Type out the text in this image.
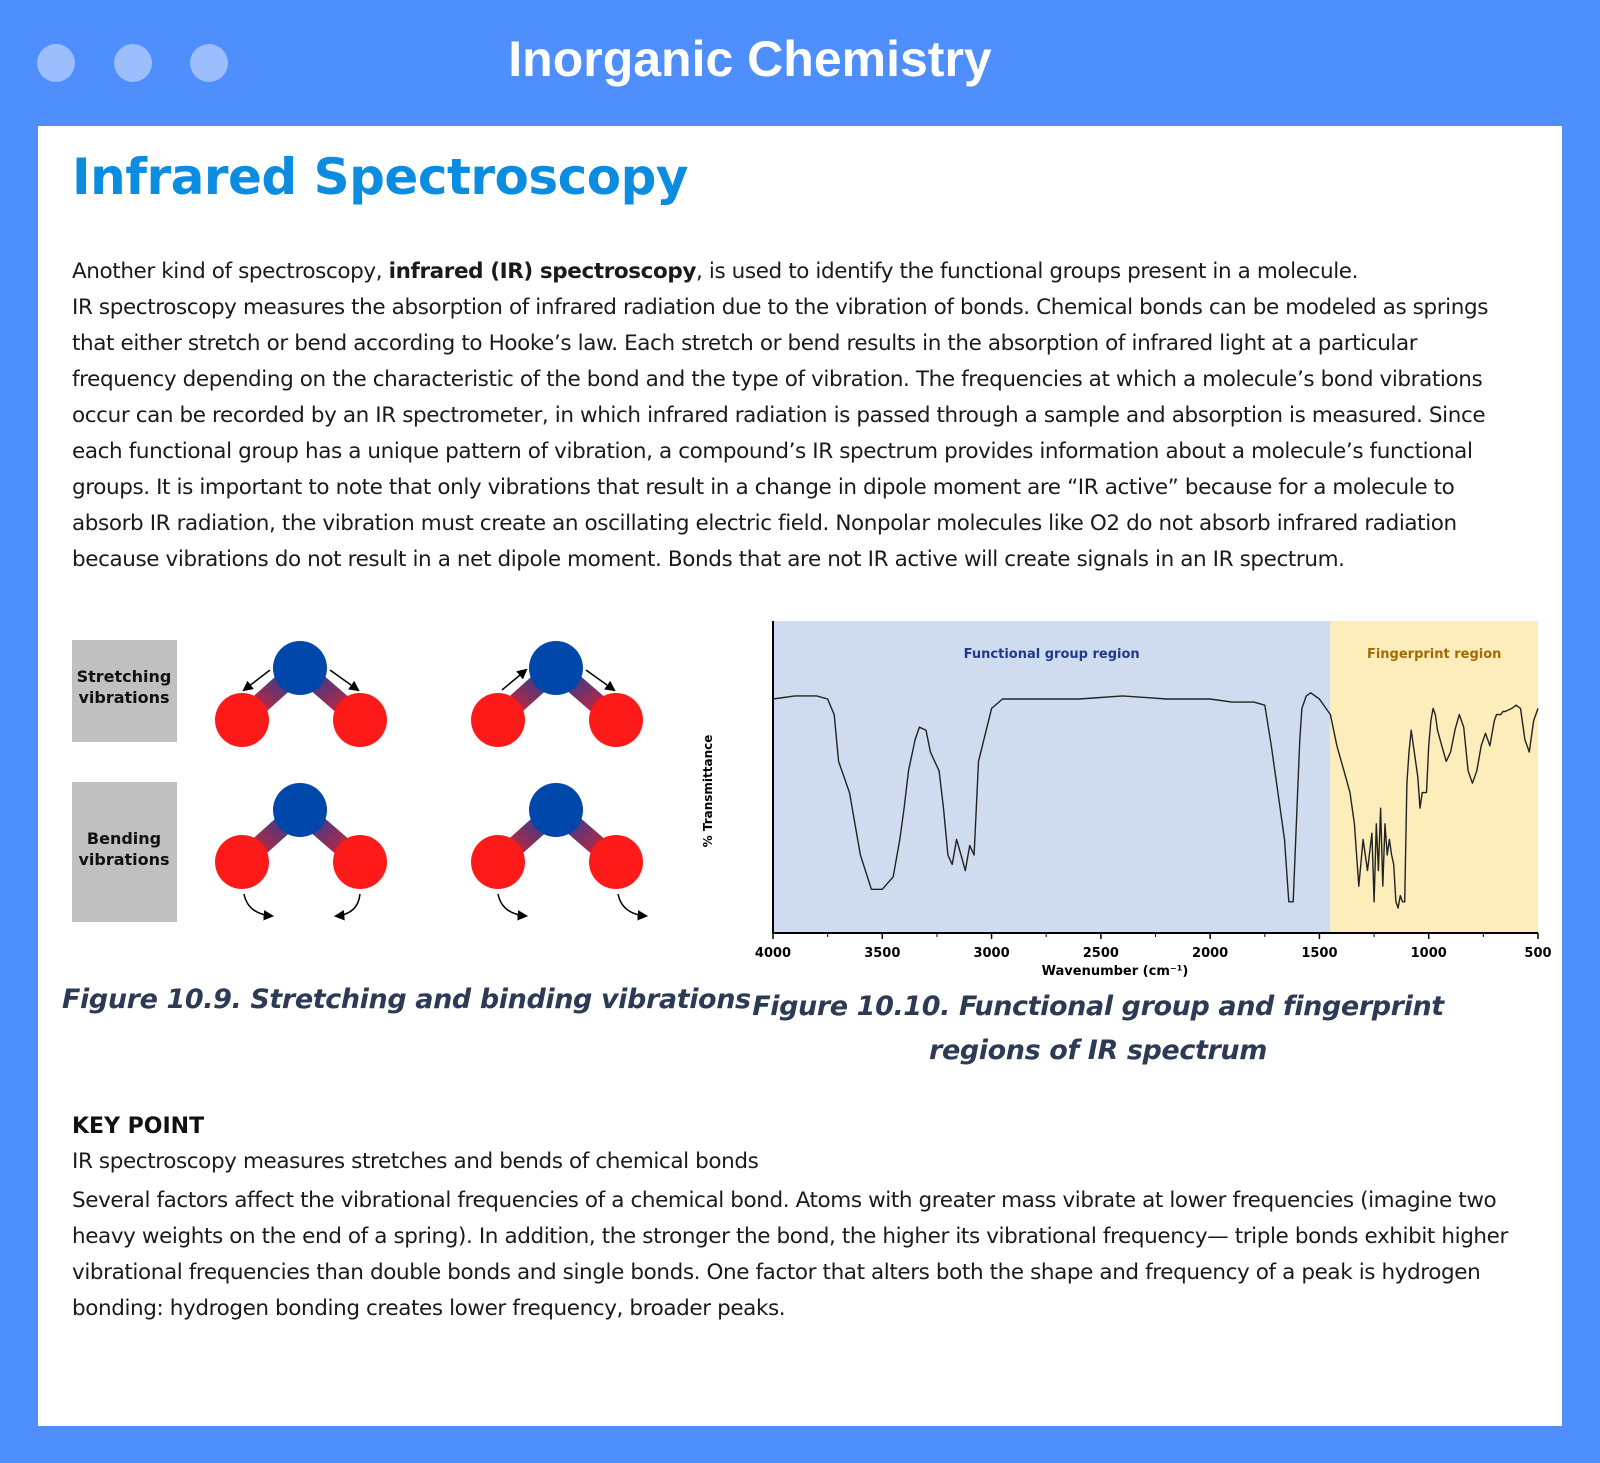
Inorganic Chemistry
Infrared Spectroscopy

Another kind of spectroscopy, infrared (IR) spectroscopy, is used to identify the functional groups present in a molecule.
IR spectroscopy measures the absorption of infrared radiation due to the vibration of bonds. Chemical bonds can be modeled as springs that either stretch or bend according to Hooke’s law. Each stretch or bend results in the absorption of infrared light at a particular frequency depending on the characteristic of the bond and the type of vibration. The frequencies at which a molecule’s bond vibrations occur can be recorded by an IR spectrometer, in which infrared radiation is passed through a sample and absorption is measured. Since each functional group has a unique pattern of vibration, a compound’s IR spectrum provides information about a molecule’s functional groups. It is important to note that only vibrations that result in a change in dipole moment are “IR active” because for a molecule to absorb IR radiation, the vibration must create an oscillating electric field. Nonpolar molecules like O2 do not absorb infrared radiation because vibrations do not result in a net dipole moment. Bonds that are not IR active will create signals in an IR spectrum.

Stretching
vibrations
Bending
vibrations

Figure 10.9. Stretching and binding vibrations

Functional group region	Fingerprint region
4000	3500	3000	2500	2000	1500	1000	500
% Transmittance
Wavenumber (cm⁻¹)

Figure 10.10. Functional group and fingerprint
regions of IR spectrum

KEY POINT
IR spectroscopy measures stretches and bends of chemical bonds

Several factors affect the vibrational frequencies of a chemical bond. Atoms with greater mass vibrate at lower frequencies (imagine two heavy weights on the end of a spring). In addition, the stronger the bond, the higher its vibrational frequency— triple bonds exhibit higher vibrational frequencies than double bonds and single bonds. One factor that alters both the shape and frequency of a peak is hydrogen bonding: hydrogen bonding creates lower frequency, broader peaks.
